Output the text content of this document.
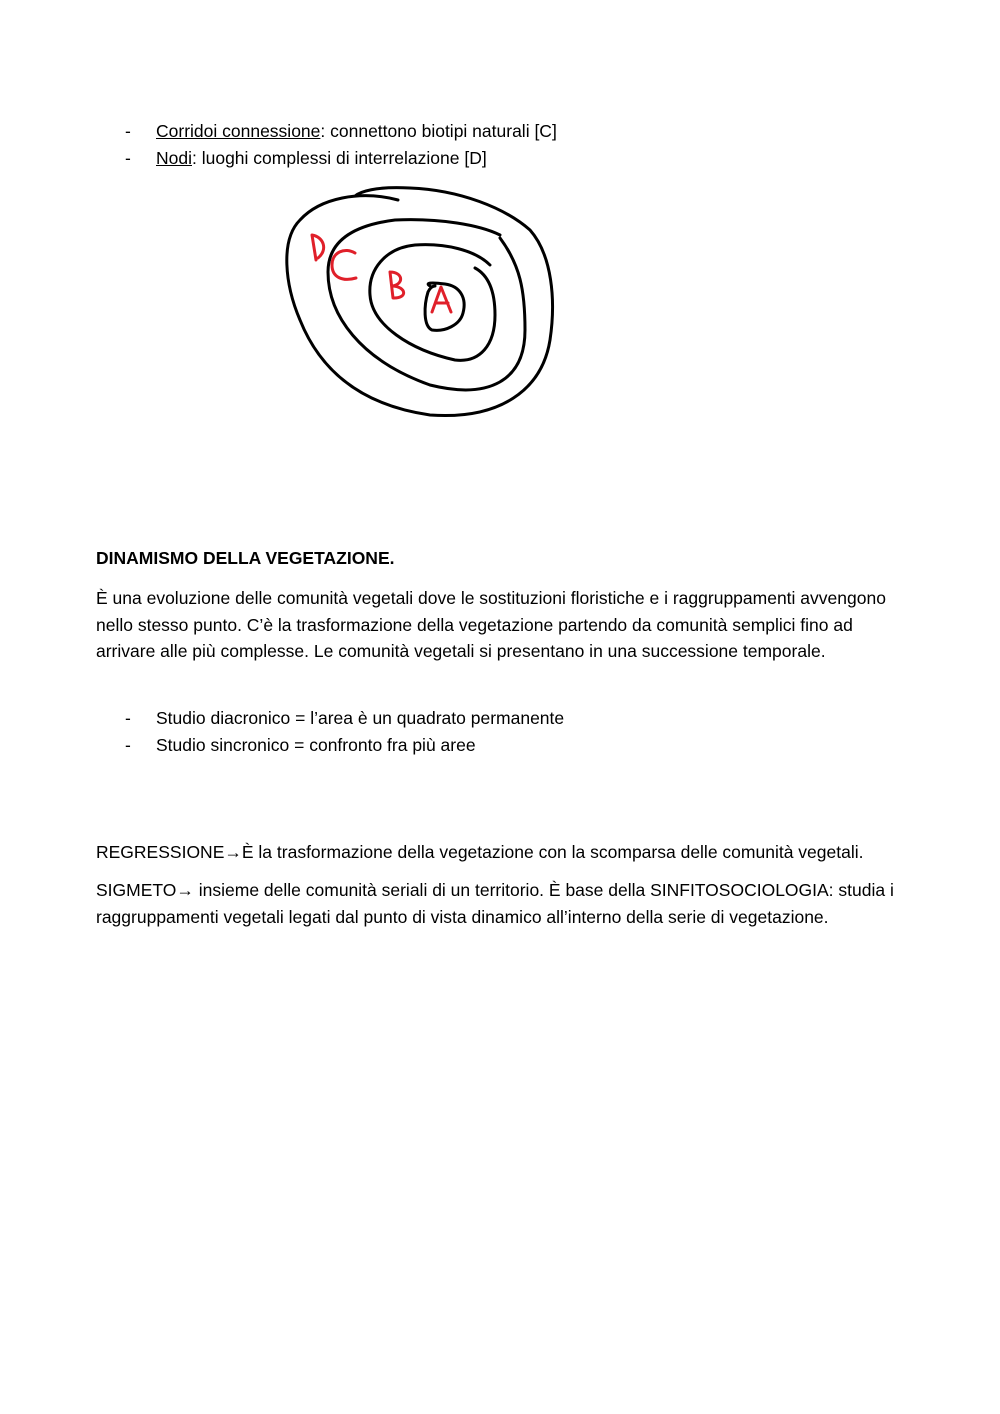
- Corridoi connessione: connettono biotipi naturali [C]
- Nodi: luoghi complessi di interrelazione [D]
DINAMISMO DELLA VEGETAZIONE.

È una evoluzione delle comunità vegetali dove le sostituzioni floristiche e i raggruppamenti avvengono nello stesso punto. C’è la trasformazione della vegetazione partendo da comunità semplici fino ad arrivare alle più complesse. Le comunità vegetali si presentano in una successione temporale.

- Studio diacronico = l’area è un quadrato permanente
- Studio sincronico = confronto fra più aree

REGRESSIONE→È la trasformazione della vegetazione con la scomparsa delle comunità vegetali.

SIGMETO→ insieme delle comunità seriali di un territorio. È base della SINFITOSOCIOLOGIA: studia i raggruppamenti vegetali legati dal punto di vista dinamico all’interno della serie di vegetazione.
